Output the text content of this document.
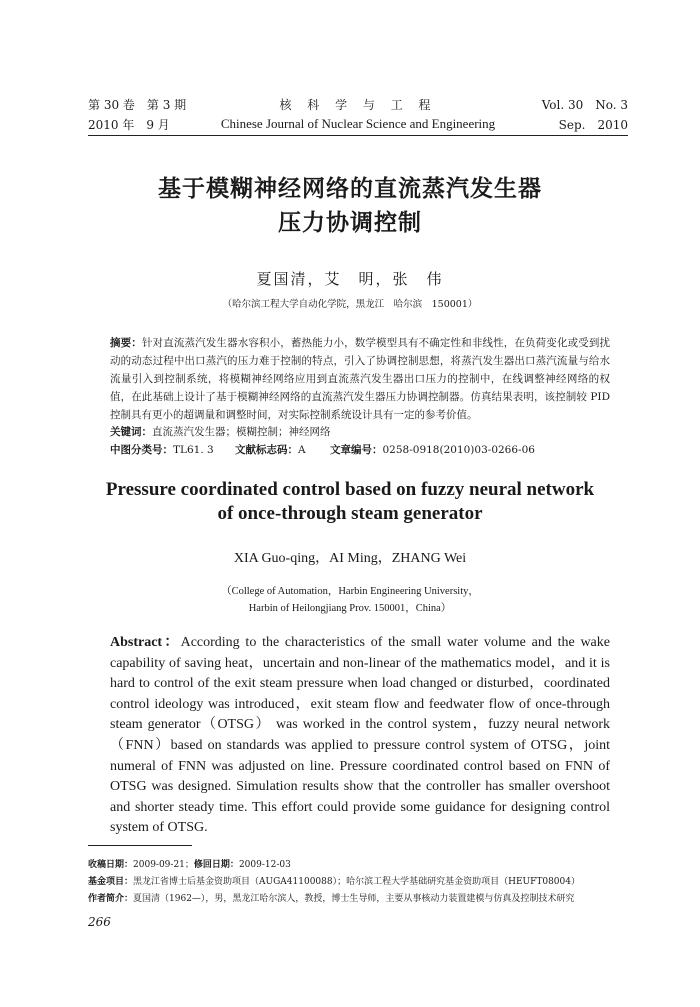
第 30 卷　第 3 期	核 科 学 与 工 程	Vol. 30　No. 3
2010 年　9 月	Chinese Journal of Nuclear Science and Engineering	Sep.　2010
基于模糊神经网络的直流蒸汽发生器
压力协调控制
夏国清，艾　明，张　伟
（哈尔滨工程大学自动化学院，黑龙江　哈尔滨　150001）
摘要：针对直流蒸汽发生器水容积小，蓄热能力小，数学模型具有不确定性和非线性，在负荷变化或受到扰动的动态过程中出口蒸汽的压力难于控制的特点，引入了协调控制思想，将蒸汽发生器出口蒸汽流量与给水流量引入到控制系统，将模糊神经网络应用到直流蒸汽发生器出口压力的控制中，在线调整神经网络的权值，在此基础上设计了基于模糊神经网络的直流蒸汽发生器压力协调控制器。仿真结果表明，该控制较 PID 控制具有更小的超调量和调整时间，对实际控制系统设计具有一定的参考价值。
关键词：直流蒸汽发生器；模糊控制；神经网络
中图分类号：TL61. 3 文献标志码：A 文章编号：0258-0918(2010)03-0266-06
Pressure coordinated control based on fuzzy neural network
of once-through steam generator
XIA Guo-qing，AI Ming，ZHANG Wei
（College of Automation，Harbin Engineering University，
Harbin of Heilongjiang Prov. 150001，China）
Abstract：According to the characteristics of the small water volume and the wake capability of saving heat，uncertain and non-linear of the mathematics model，and it is hard to control of the exit steam pressure when load changed or disturbed，coordinated control ideology was introduced，exit steam flow and feedwater flow of once-through steam generator（OTSG） was worked in the control system，fuzzy neural network（FNN）based on standards was applied to pressure control system of OTSG，joint numeral of FNN was adjusted on line. Pressure coordinated control based on FNN of OTSG was designed. Simulation results show that the controller has smaller overshoot and shorter steady time. This effort could provide some guidance for designing control system of OTSG.
收稿日期：2009-09-21；修回日期：2009-12-03
基金项目：黑龙江省博士后基金资助项目（AUGA41100088）；哈尔滨工程大学基础研究基金资助项目（HEUFT08004）
作者简介：夏国清（1962—），男，黑龙江哈尔滨人，教授，博士生导师，主要从事核动力装置建模与仿真及控制技术研究
266
